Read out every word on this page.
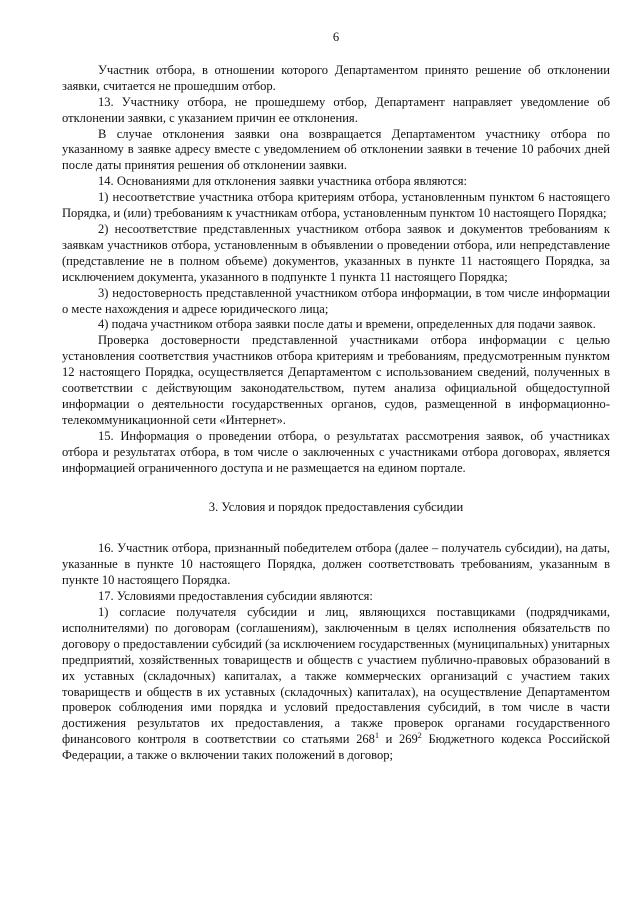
6

Участник отбора, в отношении которого Департаментом принято решение об отклонении заявки, считается не прошедшим отбор.

13. Участнику отбора, не прошедшему отбор, Департамент направляет уведомление об отклонении заявки, с указанием причин ее отклонения.

В случае отклонения заявки она возвращается Департаментом участнику отбора по указанному в заявке адресу вместе с уведомлением об отклонении заявки в течение 10 рабочих дней после даты принятия решения об отклонении заявки.

14. Основаниями для отклонения заявки участника отбора являются:

1) несоответствие участника отбора критериям отбора, установленным пунктом 6 настоящего Порядка, и (или) требованиям к участникам отбора, установленным пунктом 10 настоящего Порядка;

2) несоответствие представленных участником отбора заявок и документов требованиям к заявкам участников отбора, установленным в объявлении о проведении отбора, или непредставление (представление не в полном объеме) документов, указанных в пункте 11 настоящего Порядка, за исключением документа, указанного в подпункте 1 пункта 11 настоящего Порядка;

3) недостоверность представленной участником отбора информации, в том числе информации о месте нахождения и адресе юридического лица;

4) подача участником отбора заявки после даты и времени, определенных для подачи заявок.

Проверка достоверности представленной участниками отбора информации с целью установления соответствия участников отбора критериям и требованиям, предусмотренным пунктом 12 настоящего Порядка, осуществляется Департаментом с использованием сведений, полученных в соответствии с действующим законодательством, путем анализа официальной общедоступной информации о деятельности государственных органов, судов, размещенной в информационно-телекоммуникационной сети «Интернет».

15. Информация о проведении отбора, о результатах рассмотрения заявок, об участниках отбора и результатах отбора, в том числе о заключенных с участниками отбора договорах, является информацией ограниченного доступа и не размещается на едином портале.

3. Условия и порядок предоставления субсидии

16. Участник отбора, признанный победителем отбора (далее – получатель субсидии), на даты, указанные в пункте 10 настоящего Порядка, должен соответствовать требованиям, указанным в пункте 10 настоящего Порядка.

17. Условиями предоставления субсидии являются:

1) согласие получателя субсидии и лиц, являющихся поставщиками (подрядчиками, исполнителями) по договорам (соглашениям), заключенным в целях исполнения обязательств по договору о предоставлении субсидий (за исключением государственных (муниципальных) унитарных предприятий, хозяйственных товариществ и обществ с участием публично-правовых образований в их уставных (складочных) капиталах, а также коммерческих организаций с участием таких товариществ и обществ в их уставных (складочных) капиталах), на осуществление Департаментом проверок соблюдения ими порядка и условий предоставления субсидий, в том числе в части достижения результатов их предоставления, а также проверок органами государственного финансового контроля в соответствии со статьями $268^1$ и $269^2$ Бюджетного кодекса Российской Федерации, а также о включении таких положений в договор;
